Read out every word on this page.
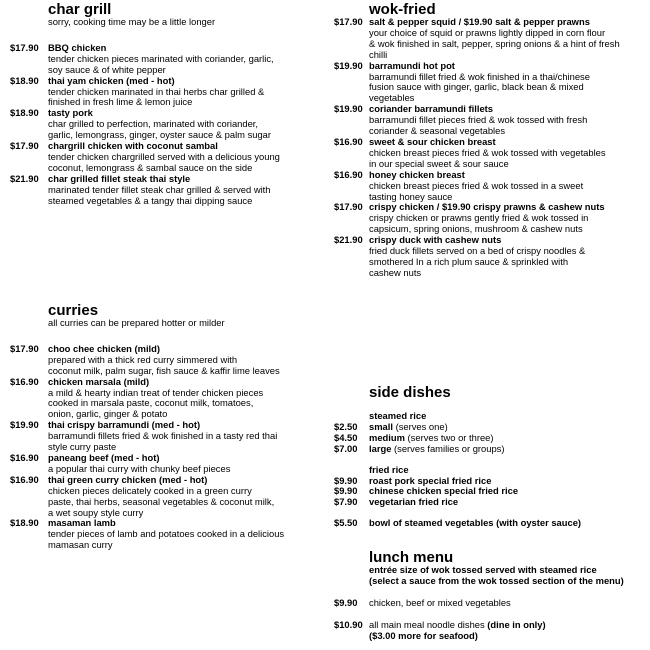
char grill
sorry, cooking time may be a little longer
$17.90 BBQ chicken
tender chicken pieces marinated with coriander, garlic,
soy sauce & of white pepper
$18.90 thai yam chicken (med - hot)
tender chicken marinated in thai herbs char grilled &
finished in fresh lime & lemon juice
$18.90 tasty pork
char grilled to perfection, marinated with coriander,
garlic, lemongrass, ginger, oyster sauce & palm sugar
$17.90 chargrill chicken with coconut sambal
tender chicken chargrilled served with a delicious young
coconut, lemongrass & sambal sauce on the side
$21.90 char grilled fillet steak thai style
marinated tender fillet steak char grilled & served with
steamed vegetables & a tangy thai dipping sauce
curries
all curries can be prepared hotter or milder
$17.90 choo chee chicken (mild)
prepared with a thick red curry simmered with
coconut milk, palm sugar, fish sauce & kaffir lime leaves
$16.90 chicken marsala (mild)
a mild & hearty indian treat of tender chicken pieces
cooked in marsala paste, coconut milk, tomatoes,
onion, garlic, ginger & potato
$19.90 thai crispy barramundi (med - hot)
barramundi fillets fried & wok finished in a tasty red thai
style curry paste
$16.90 paneang beef (med - hot)
a popular thai curry with chunky beef pieces
$16.90 thai green curry chicken (med - hot)
chicken pieces delicately cooked in a green curry
paste, thai herbs, seasonal vegetables & coconut milk,
a wet soupy style curry
$18.90 masaman lamb
tender pieces of lamb and potatoes cooked in a delicious
mamasan curry
wok-fried
$17.90 salt & pepper squid / $19.90 salt & pepper prawns
your choice of squid or prawns lightly dipped in corn flour
& wok finished in salt, pepper, spring onions & a hint of fresh
chilli
$19.90 barramundi hot pot
barramundi fillet fried & wok finished in a thai/chinese
fusion sauce with ginger, garlic, black bean & mixed
vegetables
$19.90 coriander barramundi fillets
barramundi fillet pieces fried & wok tossed with fresh
coriander & seasonal vegetables
$16.90 sweet & sour chicken breast
chicken breast pieces fried & wok tossed with vegetables
in our special sweet & sour sauce
$16.90 honey chicken breast
chicken breast pieces fried & wok tossed in a sweet
tasting honey sauce
$17.90 crispy chicken / $19.90 crispy prawns & cashew nuts
crispy chicken or prawns gently fried & wok tossed in
capsicum, spring onions, mushroom & cashew nuts
$21.90 crispy duck with cashew nuts
fried duck fillets served on a bed of crispy noodles &
smothered In a rich plum sauce & sprinkled with
cashew nuts
side dishes
steamed rice
$2.50 small (serves one)
$4.50 medium (serves two or three)
$7.00 large (serves families or groups)
fried rice
$9.90 roast pork special fried rice
$9.90 chinese chicken special fried rice
$7.90 vegetarian fried rice
$5.50 bowl of steamed vegetables (with oyster sauce)
lunch menu
entrée size of wok tossed served with steamed rice
(select a sauce from the wok tossed section of the menu)
$9.90 chicken, beef or mixed vegetables
$10.90 all main meal noodle dishes (dine in only)
($3.00 more for seafood)
